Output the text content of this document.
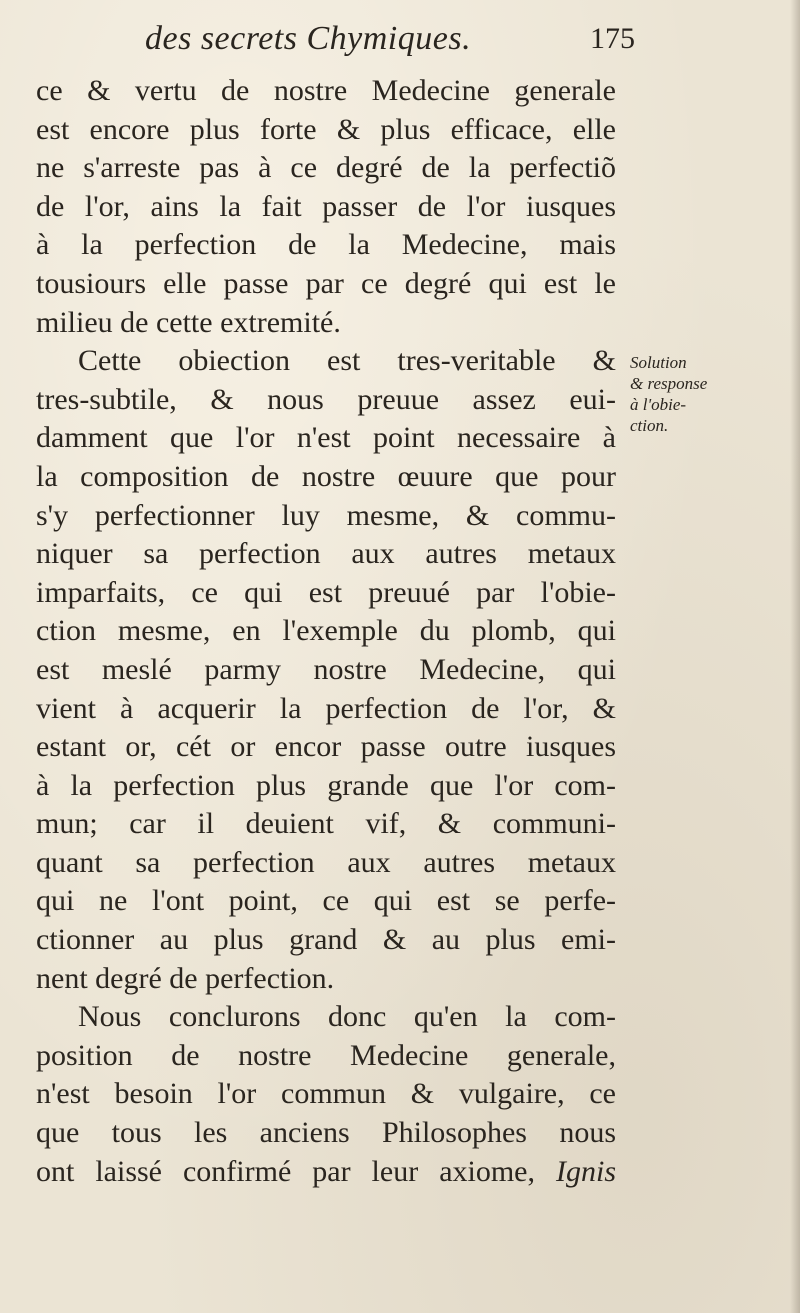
des secrets Chymiques.	175
ce & vertu de nostre Medecine generale
est encore plus forte & plus efficace, elle
ne s'arreste pas à ce degré de la perfectiõ
de l'or, ains la fait passer de l'or iusques
à la perfection de la Medecine, mais
tousiours elle passe par ce degré qui est le
milieu de cette extremité.
Cette obiection est tres-veritable &
tres-subtile, & nous preuue assez eui-
damment que l'or n'est point necessaire à
la composition de nostre œuure que pour
s'y perfectionner luy mesme, & commu-
niquer sa perfection aux autres metaux
imparfaits, ce qui est preuué par l'obie-
ction mesme, en l'exemple du plomb, qui
est meslé parmy nostre Medecine, qui
vient à acquerir la perfection de l'or, &
estant or, cét or encor passe outre iusques
à la perfection plus grande que l'or com-
mun; car il deuient vif, & communi-
quant sa perfection aux autres metaux
qui ne l'ont point, ce qui est se perfe-
ctionner au plus grand & au plus emi-
nent degré de perfection.
Nous conclurons donc qu'en la com-
position de nostre Medecine generale,
n'est besoin l'or commun & vulgaire, ce
que tous les anciens Philosophes nous
ont laissé confirmé par leur axiome, Ignis
Solution
& response
à l'obie-
ction.
